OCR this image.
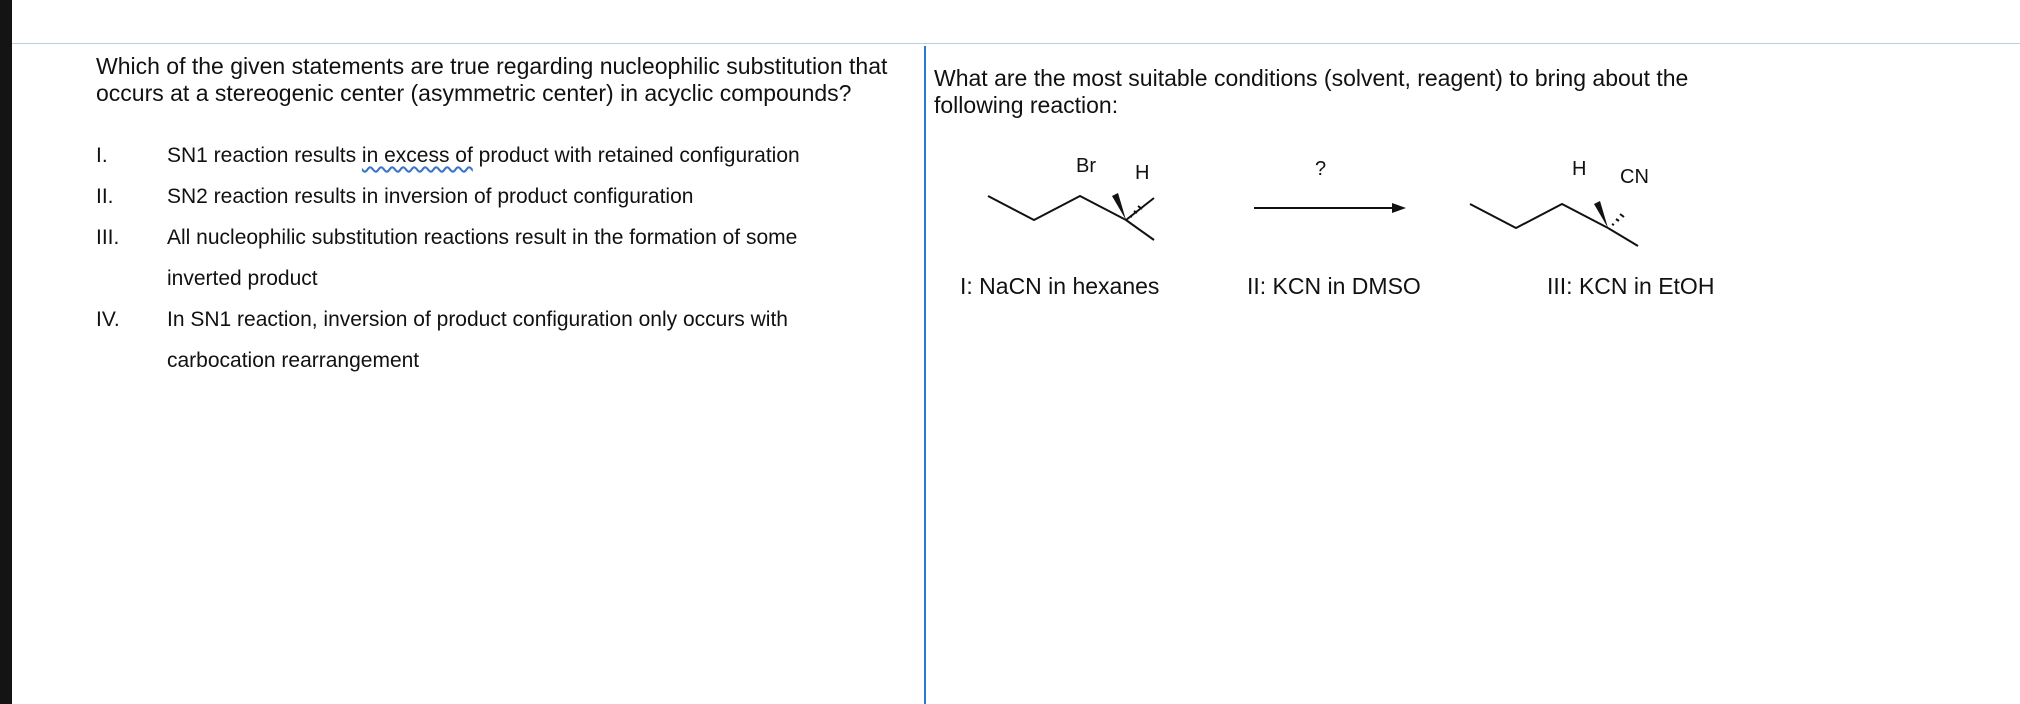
Which of the given statements are true regarding nucleophilic substitution that
occurs at a stereogenic center (asymmetric center) in acyclic compounds?
I.	SN1 reaction results in excess of product with retained configuration
II.	SN2 reaction results in inversion of product configuration
III. All nucleophilic substitution reactions result in the formation of some
inverted product
IV. In SN1 reaction, inversion of product configuration only occurs with
carbocation rearrangement
What are the most suitable conditions (solvent, reagent) to bring about the
following reaction:
Br H	?	H CN
I: NaCN in hexanes	II: KCN in DMSO	III: KCN in EtOH
